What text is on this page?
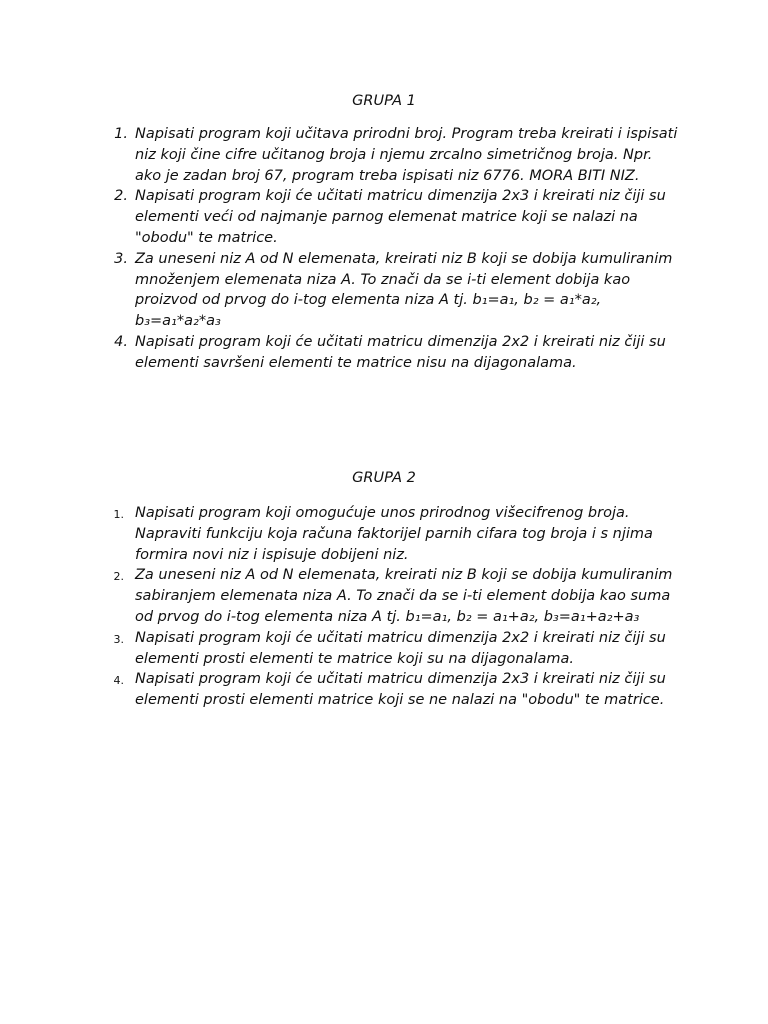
GRUPA 1
1. Napisati program koji učitava prirodni broj. Program treba kreirati i ispisati niz koji čine cifre učitanog broja i njemu zrcalno simetričnog broja. Npr. ako je zadan broj 67, program treba ispisati niz 6776. MORA BITI NIZ.
2. Napisati program koji će učitati matricu dimenzija 2x3 i kreirati niz čiji su elementi veći od najmanje parnog elemenat matrice koji se nalazi na "obodu" te matrice.
3. Za uneseni niz A od N elemenata, kreirati niz B koji se dobija kumuliranim množenjem elemenata niza A. To znači da se i-ti element dobija kao proizvod od prvog do i-tog elementa niza A tj. b₁=a₁, b₂ = a₁*a₂, b₃=a₁*a₂*a₃
4. Napisati program koji će učitati matricu dimenzija 2x2 i kreirati niz čiji su elementi savršeni elementi te matrice nisu na dijagonalama.
GRUPA 2
1. Napisati program koji omogućuje unos prirodnog višecifrenog broja. Napraviti funkciju koja računa faktorijel parnih cifara tog broja i s njima formira novi niz i ispisuje dobijeni niz.
2. Za uneseni niz A od N elemenata, kreirati niz B koji se dobija kumuliranim sabiranjem elemenata niza A. To znači da se i-ti element dobija kao suma od prvog do i-tog elementa niza A tj. b₁=a₁, b₂ = a₁+a₂, b₃=a₁+a₂+a₃
3. Napisati program koji će učitati matricu dimenzija 2x2 i kreirati niz čiji su elementi prosti elementi te matrice koji su na dijagonalama.
4. Napisati program koji će učitati matricu dimenzija 2x3 i kreirati niz čiji su elementi prosti elementi matrice koji se ne nalazi na "obodu" te matrice.
